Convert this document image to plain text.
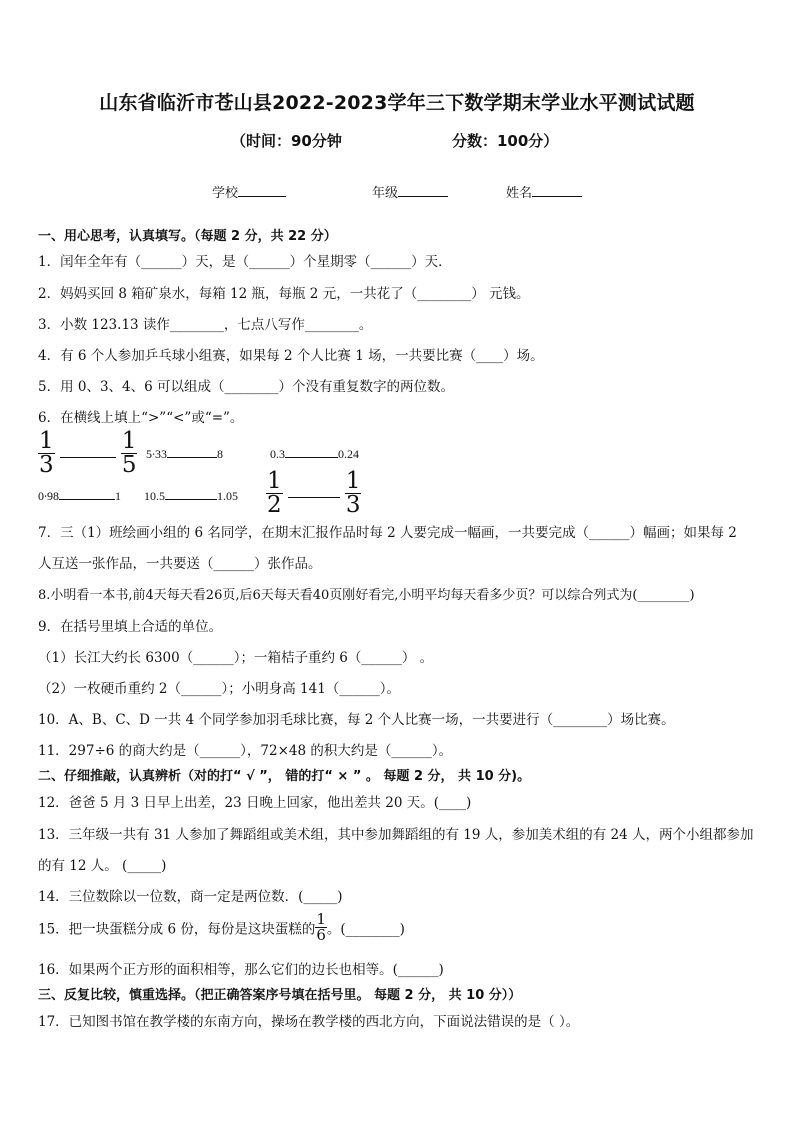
山东省临沂市苍山县2022-2023学年三下数学期末学业水平测试试题
（时间：90分钟	分数：100分）
学校	年级	姓名
一、用心思考，认真填写。（每题 2 分，共 22 分）
1．闰年全年有（______）天，是（______）个星期零（______）天．
2．妈妈买回 8 箱矿泉水，每箱 12 瓶，每瓶 2 元，一共花了（________） 元钱。
3．小数 123.13 读作________，七点八写作________。
4．有 6 个人参加乒乓球小组赛，如果每 2 个人比赛 1 场，一共要比赛（____）场。
5．用 0、3、4、6 可以组成（________）个没有重复数字的两位数。
6．在横线上填上“>”“<”或“=”。
$\frac{1}{3}$
	$\frac{1}{5} 5\cdot 33$	8	0.3	0.24
0∙98	1 10.5	$1.05 \frac{1}{2}$
	$\frac{1}{3}$
7．三（1）班绘画小组的 6 名同学，在期末汇报作品时每 2 人要完成一幅画，一共要完成（______）幅画；如果每 2
人互送一张作品，一共要送（______）张作品。
8.小明看一本书,前4天每天看26页,后6天每天看40页刚好看完,小明平均每天看多少页？可以综合列式为(________)
9．在括号里填上合适的单位。
（1）长江大约长 6300（______）；一箱桔子重约 6（______） 。
（2）一枚硬币重约 2（______）；小明身高 141（______）。
10．A、B、C、D 一共 4 个同学参加羽毛球比赛，每 2 个人比赛一场，一共要进行（________）场比赛。
11．297÷6 的商大约是（______），72×48 的积大约是（______）。
二、仔细推敲，认真辨析（对的打“ √ ”， 错的打“ × ” 。 每题 2 分， 共 10 分)。
12．爸爸 5 月 3 日早上出差，23 日晚上回家，他出差共 20 天。(____)
13．三年级一共有 31 人参加了舞蹈组或美术组，其中参加舞蹈组的有 19 人，参加美术组的有 24 人，两个小组都参加
的有 12 人。 (_____)
14．三位数除以一位数，商一定是两位数．(_____)
15．把一块蛋糕分成 6 份，每份是这块蛋糕的 $\frac{1}{6}$ 。(________)
16．如果两个正方形的面积相等，那么它们的边长也相等。(______)
三、反复比较，慎重选择。（把正确答案序号填在括号里。 每题 2 分， 共 10 分））
17．已知图书馆在教学楼的东南方向，操场在教学楼的西北方向，下面说法错误的是（ ）。
